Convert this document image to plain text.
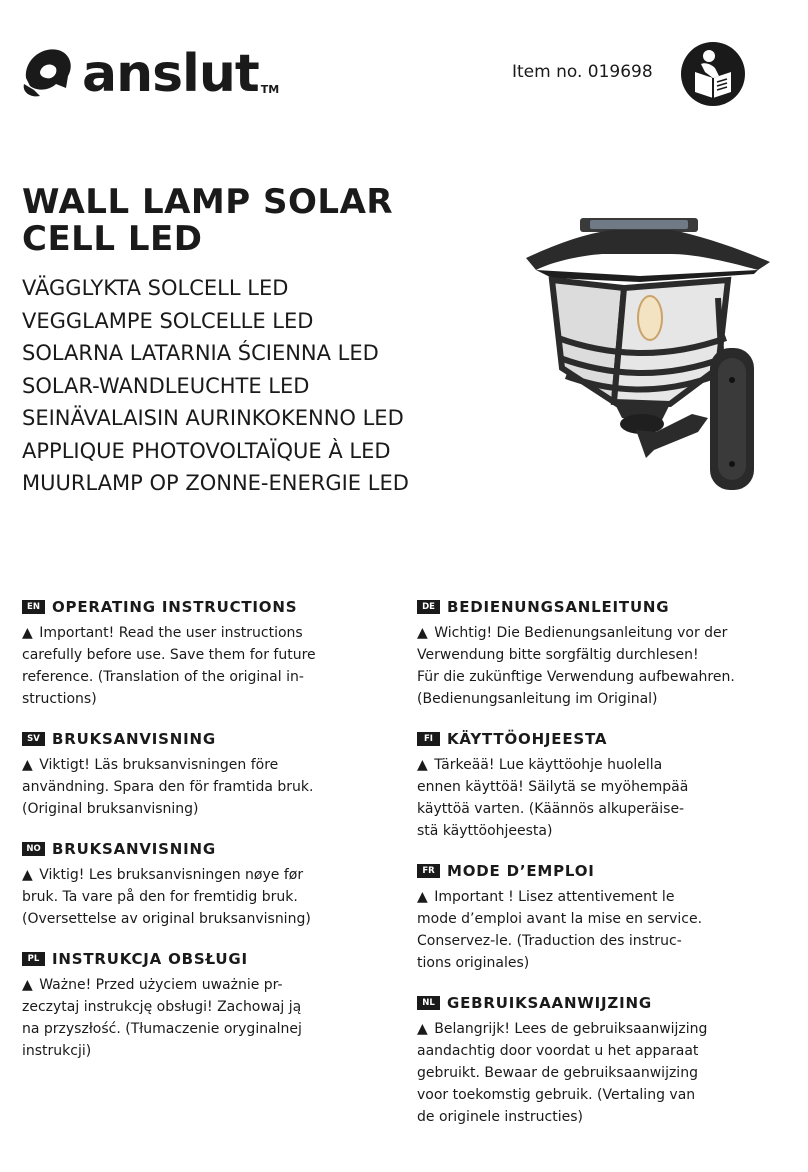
anslut TM
Item no. 019698
WALL LAMP SOLAR
CELL LED
VÄGGLYKTA SOLCELL LED
VEGGLAMPE SOLCELLE LED
SOLARNA LATARNIA ŚCIENNA LED
SOLAR-WANDLEUCHTE LED
SEINÄVALAISIN AURINKOKENNO LED
APPLIQUE PHOTOVOLTAÏQUE À LED
MUURLAMP OP ZONNE-ENERGIE LED
EN OPERATING INSTRUCTIONS

▲ Important! Read the user instructions
carefully before use. Save them for future
reference. (Translation of the original in-
structions)

SV BRUKSANVISNING

▲ Viktigt! Läs bruksanvisningen före
användning. Spara den för framtida bruk.
(Original bruksanvisning)

NO BRUKSANVISNING

▲ Viktig! Les bruksanvisningen nøye før
bruk. Ta vare på den for fremtidig bruk.
(Oversettelse av original bruksanvisning)

PL INSTRUKCJA OBSŁUGI

▲ Ważne! Przed użyciem uważnie pr-
zeczytaj instrukcję obsługi! Zachowaj ją
na przyszłość. (Tłumaczenie oryginalnej
instrukcji)

DE BEDIENUNGSANLEITUNG

▲ Wichtig! Die Bedienungsanleitung vor der
Verwendung bitte sorgfältig durchlesen!
Für die zukünftige Verwendung aufbewahren.
(Bedienungsanleitung im Original)

FI KÄYTTÖOHJEESTA

▲ Tärkeää! Lue käyttöohje huolella
ennen käyttöä! Säilytä se myöhempää
käyttöä varten. (Käännös alkuperäise-
stä käyttöohjeesta)

FR MODE D’EMPLOI

▲ Important ! Lisez attentivement le
mode d’emploi avant la mise en service.
Conservez-le. (Traduction des instruc-
tions originales)

NL GEBRUIKSAANWIJZING

▲ Belangrijk! Lees de gebruiksaanwijzing
aandachtig door voordat u het apparaat
gebruikt. Bewaar de gebruiksaanwijzing
voor toekomstig gebruik. (Vertaling van
de originele instructies)
